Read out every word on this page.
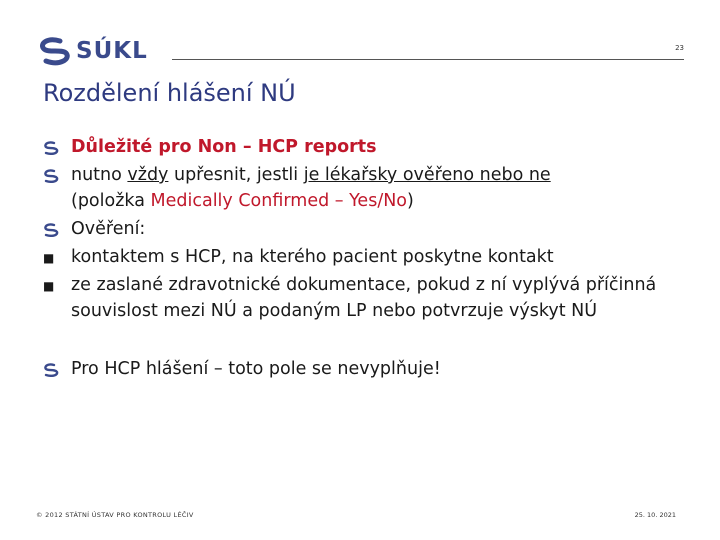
SÚKL	23
Rozdělení hlášení NÚ
Důležité pro Non – HCP reports
nutno vždy upřesnit, jestli je lékařsky ověřeno nebo ne
(položka Medically Confirmed – Yes/No)
Ověření:
■ kontaktem s HCP, na kterého pacient poskytne kontakt
■ ze zaslané zdravotnické dokumentace, pokud z ní vyplývá příčinná souvislost mezi NÚ a podaným LP nebo potvrzuje výskyt NÚ
Pro HCP hlášení – toto pole se nevyplňuje!
© 2012 STÁTNÍ ÚSTAV PRO KONTROLU LÉČIV	25. 10. 2021
